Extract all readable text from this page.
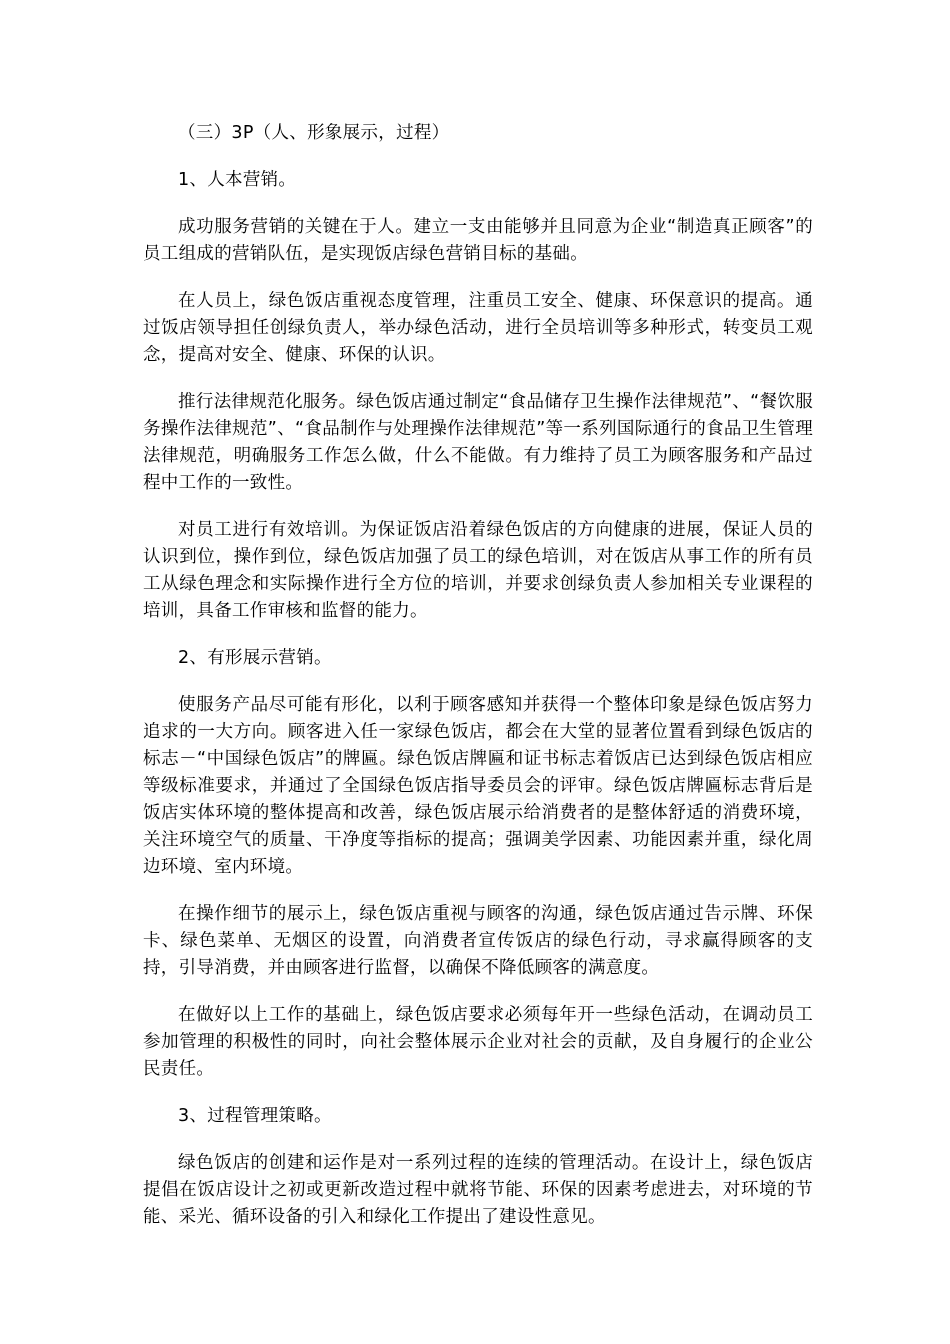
（三）3P（人、形象展示，过程）

1、人本营销。

成功服务营销的关键在于人。建立一支由能够并且同意为企业“制造真正顾客”的员工组成的营销队伍，是实现饭店绿色营销目标的基础。

在人员上，绿色饭店重视态度管理，注重员工安全、健康、环保意识的提高。通过饭店领导担任创绿负责人，举办绿色活动，进行全员培训等多种形式，转变员工观念，提高对安全、健康、环保的认识。

推行法律规范化服务。绿色饭店通过制定“食品储存卫生操作法律规范”、“餐饮服务操作法律规范”、“食品制作与处理操作法律规范”等一系列国际通行的食品卫生管理法律规范，明确服务工作怎么做，什么不能做。有力维持了员工为顾客服务和产品过程中工作的一致性。

对员工进行有效培训。为保证饭店沿着绿色饭店的方向健康的进展，保证人员的认识到位，操作到位，绿色饭店加强了员工的绿色培训，对在饭店从事工作的所有员工从绿色理念和实际操作进行全方位的培训，并要求创绿负责人参加相关专业课程的培训，具备工作审核和监督的能力。

2、有形展示营销。

使服务产品尽可能有形化，以利于顾客感知并获得一个整体印象是绿色饭店努力追求的一大方向。顾客进入任一家绿色饭店，都会在大堂的显著位置看到绿色饭店的标志－“中国绿色饭店”的牌匾。绿色饭店牌匾和证书标志着饭店已达到绿色饭店相应等级标准要求，并通过了全国绿色饭店指导委员会的评审。绿色饭店牌匾标志背后是饭店实体环境的整体提高和改善，绿色饭店展示给消费者的是整体舒适的消费环境，关注环境空气的质量、干净度等指标的提高；强调美学因素、功能因素并重，绿化周边环境、室内环境。

在操作细节的展示上，绿色饭店重视与顾客的沟通，绿色饭店通过告示牌、环保卡、绿色菜单、无烟区的设置，向消费者宣传饭店的绿色行动，寻求赢得顾客的支持，引导消费，并由顾客进行监督，以确保不降低顾客的满意度。

在做好以上工作的基础上，绿色饭店要求必须每年开一些绿色活动，在调动员工参加管理的积极性的同时，向社会整体展示企业对社会的贡献，及自身履行的企业公民责任。

3、过程管理策略。

绿色饭店的创建和运作是对一系列过程的连续的管理活动。在设计上，绿色饭店提倡在饭店设计之初或更新改造过程中就将节能、环保的因素考虑进去，对环境的节能、采光、循环设备的引入和绿化工作提出了建设性意见。
